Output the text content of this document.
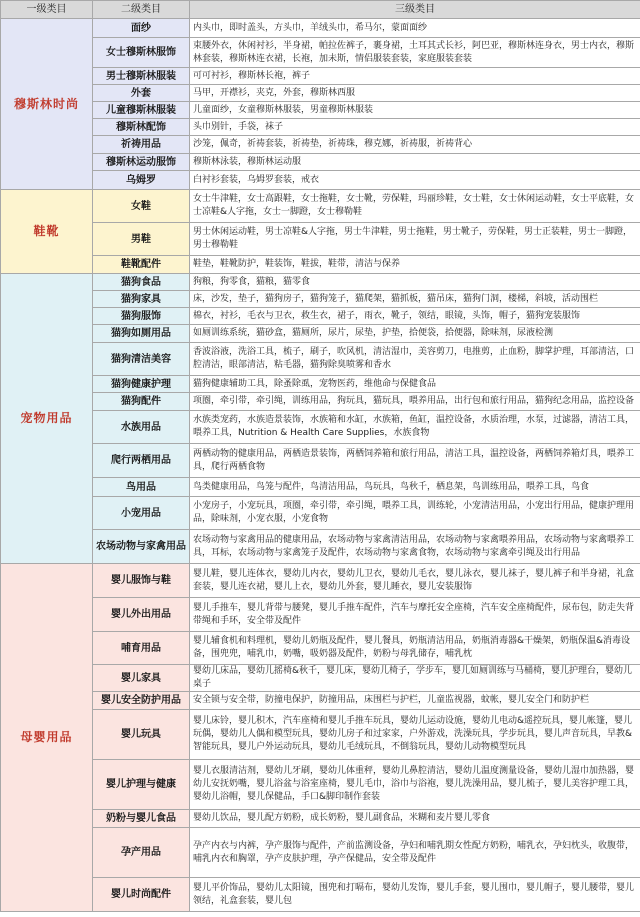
一级类目	二级类目	三级类目
穆斯林时尚	面纱	内头巾，即时盖头，方头巾，羊绒头巾，希马尔，蒙面面纱
	女士穆斯林服饰	束腰外衣，休闲衬衫，半身裙，帕拉佐裤子，裹身裙，土耳其式长衫，阿巴亚，穆斯林连身衣，男士内衣，穆斯林套装，穆斯林连衣裙，长袍，加未斯，情侣服装套装，家庭服装套装
	男士穆斯林服装	可可衬衫，穆斯林长袍，裤子
	外套	马甲，开襟衫，夹克，外套，穆斯林西服
	儿童穆斯林服装	儿童面纱，女童穆斯林服装，男童穆斯林服装
	穆斯林配饰	头巾别针，手袋，袜子
	祈祷用品	沙笼，佩奇，祈祷套装，祈祷垫，祈祷珠，穆克娜，祈祷服，祈祷背心
	穆斯林运动服饰	穆斯林泳装，穆斯林运动服
	乌姆罗	白衬衫套装，乌姆罗套装，戒衣
鞋靴	女鞋	女士牛津鞋，女士高跟鞋，女士拖鞋，女士靴，劳保鞋，玛丽珍鞋，女士鞋，女士休闲运动鞋，女士平底鞋，女士凉鞋&人字拖，女士一脚蹬，女士穆勒鞋
	男鞋	男士休闲运动鞋，男士凉鞋&人字拖，男士牛津鞋，男士拖鞋，男士靴子，劳保鞋，男士正装鞋，男士一脚蹬，男士穆勒鞋
	鞋靴配件	鞋垫，鞋靴防护，鞋装饰，鞋拔，鞋带，清洁与保养
宠物用品	猫狗食品	狗粮，狗零食，猫粮，猫零食
	猫狗家具	床，沙发，垫子，猫狗房子，猫狗笼子，猫爬架，猫抓板，猫吊床，猫狗门洞，楼梯，斜坡，活动围栏
	猫狗服饰	棉衣，衬衫，毛衣与卫衣，救生衣，裙子，雨衣，靴子，领结，眼镜，头饰，帽子，猫狗宠装服饰
	猫狗如厕用品	如厕训练系统，猫砂盒，猫厕所，尿片，尿垫，护垫，拾便袋，拾便器，除味剂，尿液检测
	猫狗清洁美容	香波浴液，洗浴工具，梳子，刷子，吹风机，清洁湿巾，美容剪刀，电推剪，止血粉，脚掌护理，耳部清洁，口腔清洁，眼部清洁，粘毛器，猫狗除臭喷雾和香水
	猫狗健康护理	猫狗健康辅助工具，除蚤除虱，宠物医药，维他命与保健食品
	猫狗配件	项圈，牵引带，牵引绳，训练用品，狗玩具，猫玩具，喂养用品，出行包和旅行用品，猫狗纪念用品，监控设备
	水族用品	水族类宠药，水族造景装饰，水族箱和水缸，水族箱，鱼缸，温控设备，水质治理，水泵，过滤器，清洁工具，喂养工具，Nutrition & Health Care Supplies，水族食物
	爬行两栖用品	两栖动物的健康用品，两栖造景装饰，两栖饲养箱和旅行用品，清洁工具，温控设备，两栖饲养箱灯具，喂养工具，爬行两栖食物
	鸟用品	鸟类健康用品，鸟笼与配件，鸟清洁用品，鸟玩具，鸟秋千，栖息架，鸟训练用品，喂养工具，鸟食
	小宠用品	小宠房子，小宠玩具，项圈，牵引带，牵引绳，喂养工具，训练轮，小宠清洁用品，小宠出行用品，健康护理用品，除味剂，小宠衣服，小宠食物
	农场动物与家禽用品	农场动物与家禽用品的健康用品，农场动物与家禽清洁用品，农场动物与家禽喂养用品，农场动物与家禽喂养工具，耳标，农场动物与家禽笼子及配件，农场动物与家禽食物，农场动物与家禽牵引绳及出行用品
母婴用品	婴儿服饰与鞋	婴儿鞋，婴儿连体衣，婴幼儿内衣，婴幼儿卫衣，婴幼儿毛衣，婴儿泳衣，婴儿袜子，婴儿裤子和半身裙，礼盒套装，婴儿连衣裙，婴儿上衣，婴幼儿外套，婴儿睡衣，婴儿安装服饰
	婴儿外出用品	婴儿手推车，婴儿背带与腰凳，婴儿手推车配件，汽车与摩托安全座椅，汽车安全座椅配件，尿布包，防走失背带绳和手环，安全带及配件
	哺育用品	婴儿辅食机和料理机，婴幼儿奶瓶及配件，婴儿餐具，奶瓶清洁用品，奶瓶消毒器&干燥架，奶瓶保温&消毒设备，围兜兜，哺乳巾，奶嘴，吸奶器及配件，奶粉与母乳储存，哺乳枕
	婴儿家具	婴幼儿床品，婴幼儿摇椅&秋千，婴儿床，婴幼儿椅子，学步车，婴儿如厕训练与马桶椅，婴儿护理台，婴幼儿桌子
	婴儿安全防护用品	安全锁与安全带，防撞电保护，防撞用品，床围栏与护栏，儿童监视器，蚊帐，婴儿安全门和防护栏
	婴儿玩具	婴儿床铃，婴儿积木，汽车座椅和婴儿手推车玩具，婴幼儿运动设施，婴幼儿电动&遥控玩具，婴儿帐篷，婴儿玩偶，婴幼儿人偶和模型玩具，婴幼儿房子和过家家，户外游戏，洗澡玩具，学步玩具，婴儿声音玩具，早教&智能玩具，婴儿户外运动玩具，婴幼儿毛绒玩具，不倒翁玩具，婴幼儿动物模型玩具
	婴儿护理与健康	婴儿衣服清洁剂，婴幼儿牙刷，婴幼儿体重秤，婴幼儿鼻腔清洁，婴幼儿温度测量设备，婴幼儿湿巾加热器，婴幼儿安抚奶嘴，婴儿浴盆与浴室座椅，婴儿毛巾，浴巾与浴袍，婴儿洗澡用品，婴儿梳子，婴儿美容护理工具，婴幼儿浴帽，婴儿保健品，手口&脚印制作套装
	奶粉与婴儿食品	婴幼儿饮品，婴儿配方奶粉，成长奶粉，婴儿副食品，米糊和麦片婴儿零食
	孕产用品	孕产内衣与内裤，孕产服饰与配件，产前监测设备，孕妇和哺乳期女性配方奶粉，哺乳衣，孕妇枕头，收腹带，哺乳内衣和胸罩，孕产皮肤护理，孕产保健品，安全带及配件
	婴儿时尚配件	婴儿平价饰品，婴幼儿太阳镜，围兜和打嗝布，婴幼儿发饰，婴儿手套，婴儿围巾，婴儿帽子，婴儿腰带，婴儿领结，礼盒套装，婴儿包
